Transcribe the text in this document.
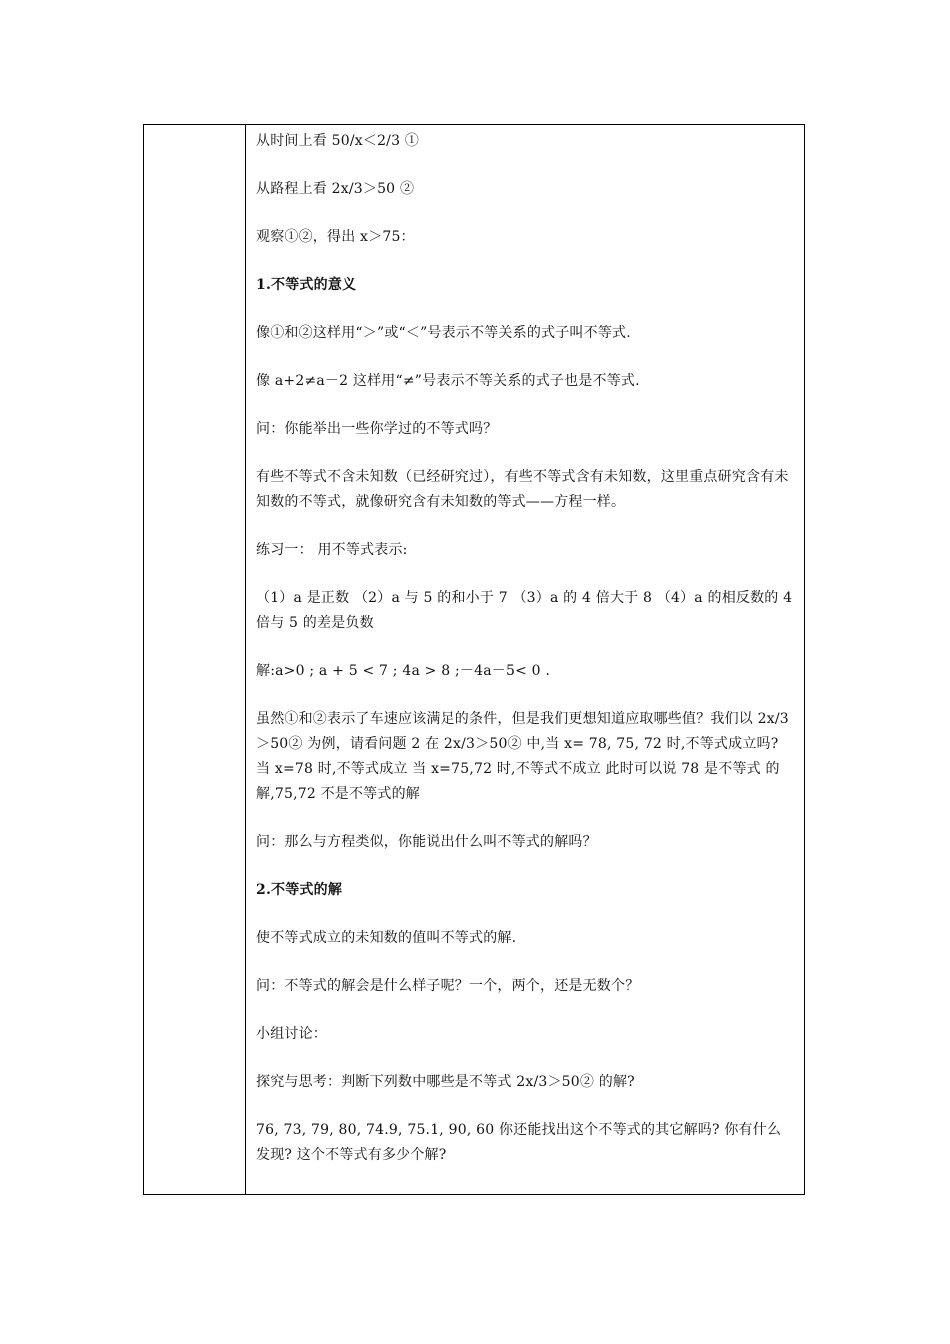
从时间上看 50/x＜2/3 ①

从路程上看 2x/3＞50 ②

观察①②，得出 x＞75：

1.不等式的意义

像①和②这样用“＞”或“＜”号表示不等关系的式子叫不等式.

像 a+2≠a－2 这样用“≠”号表示不等关系的式子也是不等式.

问：你能举出一些你学过的不等式吗？

有些不等式不含未知数（已经研究过），有些不等式含有未知数，这里重点研究含有未知数的不等式，就像研究含有未知数的等式——方程一样。

练习一： 用不等式表示:

（1）a 是正数 （2）a 与 5 的和小于 7 （3）a 的 4 倍大于 8 （4）a 的相反数的 4 倍与 5 的差是负数

解:a>0 ; a + 5 < 7 ; 4a > 8 ;－4a－5< 0 .

虽然①和②表示了车速应该满足的条件，但是我们更想知道应取哪些值？我们以 2x/3＞50② 为例，请看问题 2 在 2x/3＞50② 中,当 x= 78, 75, 72 时,不等式成立吗? 当 x=78 时,不等式成立 当 x=75,72 时,不等式不成立 此时可以说 78 是不等式 的解,75,72 不是不等式的解

问：那么与方程类似，你能说出什么叫不等式的解吗？

2.不等式的解

使不等式成立的未知数的值叫不等式的解.

问：不等式的解会是什么样子呢？一个，两个，还是无数个？

小组讨论：

探究与思考：判断下列数中哪些是不等式 2x/3＞50② 的解?

76, 73, 79, 80, 74.9, 75.1, 90, 60 你还能找出这个不等式的其它解吗? 你有什么发现? 这个不等式有多少个解?
